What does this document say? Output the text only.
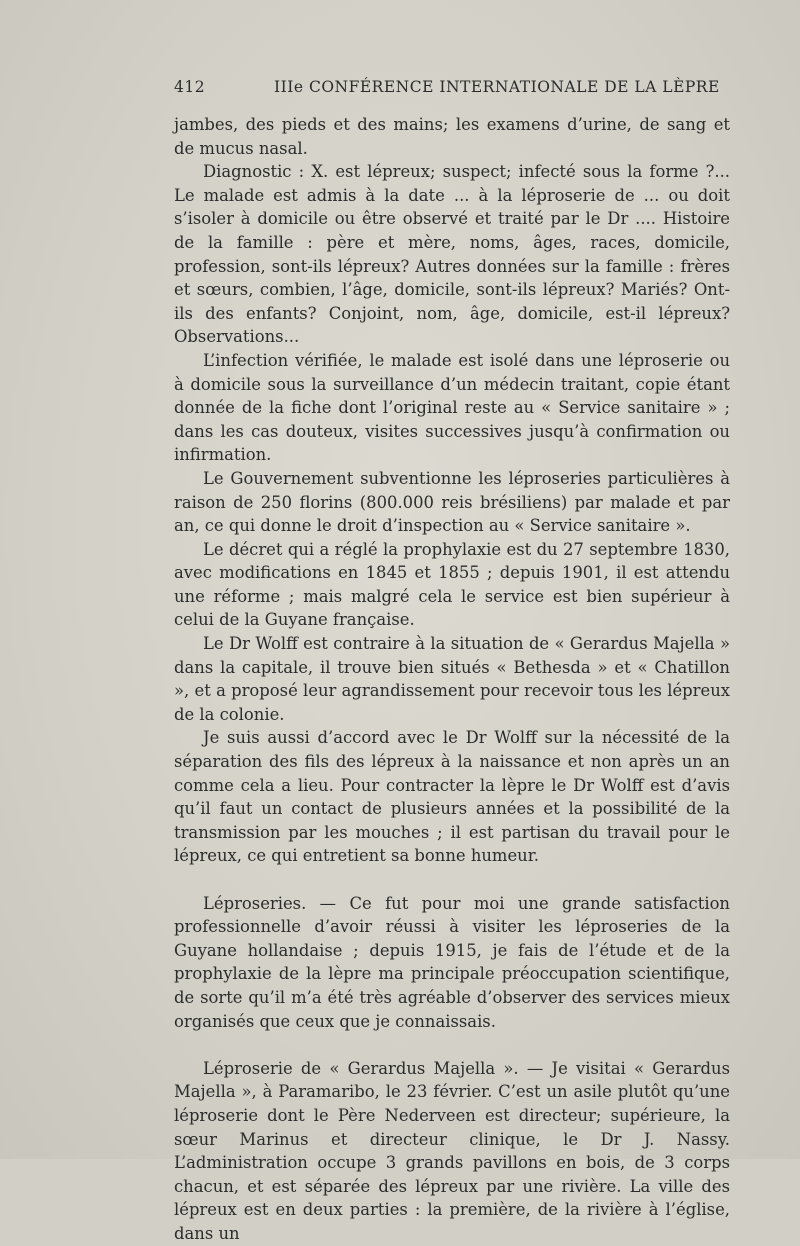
412	IIIe CONFÉRENCE INTERNATIONALE DE LA LÈPRE

jambes, des pieds et des mains; les examens d’urine, de sang et de mucus nasal.

Diagnostic : X. est lépreux; suspect; infecté sous la forme ?... Le malade est admis à la date ... à la léproserie de ... ou doit s’isoler à domicile ou être observé et traité par le Dr .... Histoire de la famille : père et mère, noms, âges, races, domicile, profession, sont-ils lépreux? Autres données sur la famille : frères et sœurs, combien, l’âge, domicile, sont-ils lépreux? Mariés? Ont-ils des enfants? Conjoint, nom, âge, domicile, est-il lépreux? Observations...

L’infection vérifiée, le malade est isolé dans une léproserie ou à domicile sous la surveillance d’un médecin traitant, copie étant donnée de la fiche dont l’original reste au « Service sanitaire » ; dans les cas douteux, visites successives jusqu’à confirmation ou infirmation.

Le Gouvernement subventionne les léproseries particulières à raison de 250 florins (800.000 reis brésiliens) par malade et par an, ce qui donne le droit d’inspection au « Service sanitaire ».

Le décret qui a réglé la prophylaxie est du 27 septembre 1830, avec modifications en 1845 et 1855 ; depuis 1901, il est attendu une réforme ; mais malgré cela le service est bien supérieur à celui de la Guyane française.

Le Dr Wolff est contraire à la situation de « Gerardus Majella » dans la capitale, il trouve bien situés « Bethesda » et « Chatillon », et a proposé leur agrandissement pour recevoir tous les lépreux de la colonie.

Je suis aussi d’accord avec le Dr Wolff sur la nécessité de la séparation des fils des lépreux à la naissance et non après un an comme cela a lieu. Pour contracter la lèpre le Dr Wolff est d’avis qu’il faut un contact de plusieurs années et la possibilité de la transmission par les mouches ; il est partisan du travail pour le lépreux, ce qui entretient sa bonne humeur.

Léproseries. — Ce fut pour moi une grande satisfaction professionnelle d’avoir réussi à visiter les léproseries de la Guyane hollandaise ; depuis 1915, je fais de l’étude et de la prophylaxie de la lèpre ma principale préoccupation scientifique, de sorte qu’il m’a été très agréable d’observer des services mieux organisés que ceux que je connaissais.

Léproserie de « Gerardus Majella ». — Je visitai « Gerardus Majella », à Paramaribo, le 23 février. C’est un asile plutôt qu’une léproserie dont le Père Nederveen est directeur; supérieure, la sœur Marinus et directeur clinique, le Dr J. Nassy. L’administration occupe 3 grands pavillons en bois, de 3 corps chacun, et est séparée des lépreux par une rivière. La ville des lépreux est en deux parties : la première, de la rivière à l’église, dans un
